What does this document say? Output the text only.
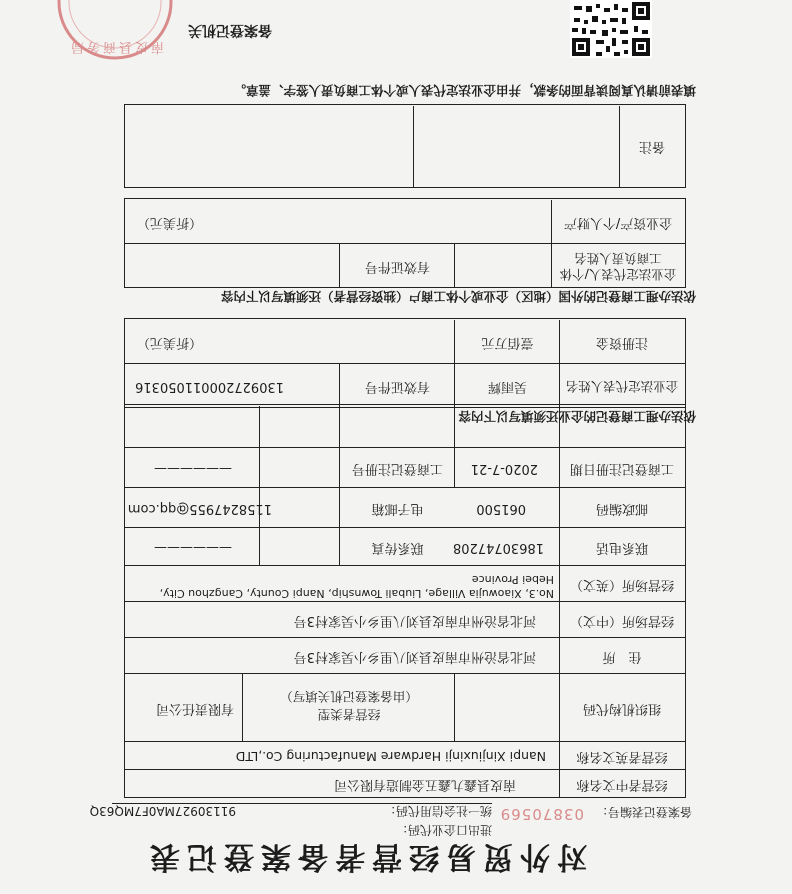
对外贸易经营者备案登记表
备案登记表编号：
03870569
进出口企业代码：
统一社会信用代码：
91130927MA0F7MQ63Q
经营者中文名称
南皮县鑫九鑫五金制造有限公司
经营者英文名称
Nanpi Xinjiuxinji Hardware Manufacturing Co.,LTD
组织机构代码
经营者类型
（由备案登记机关填写）
有限责任公司
住　所
河北省沧州市南皮县刘八里乡小吴家村3号
经营场所（中文）
河北省沧州市南皮县刘八里乡小吴家村3号
经营场所（英文）
No.3, Xiaowujia Village, Liubali Township, Nanpi County, Cangzhou City, Hebei Province
联系电话
18630747208
联系传真
——————
邮政编码
061500
电子邮箱
1158247955@qq.com
工商登记注册日期
2020-7-21
工商登记注册号
——————
依法办理工商登记的企业还须填写以下内容
企业法定代表人姓名
吴雨辉
有效证件号
130927200011050316
注册资金
壹佰万元
（折美元）
依法办理工商登记的外国（地区）企业或个体工商户（独资经营者）还须填写以下内容
企业法定代表人/个体工商负责人姓名
有效证件号
企业资产/个人财产
（折美元）
备注
填表前请认真阅读背面的条款，并由企业法定代表人或个体工商负责人签字、盖章。
备案登记机关
南皮县商务局
